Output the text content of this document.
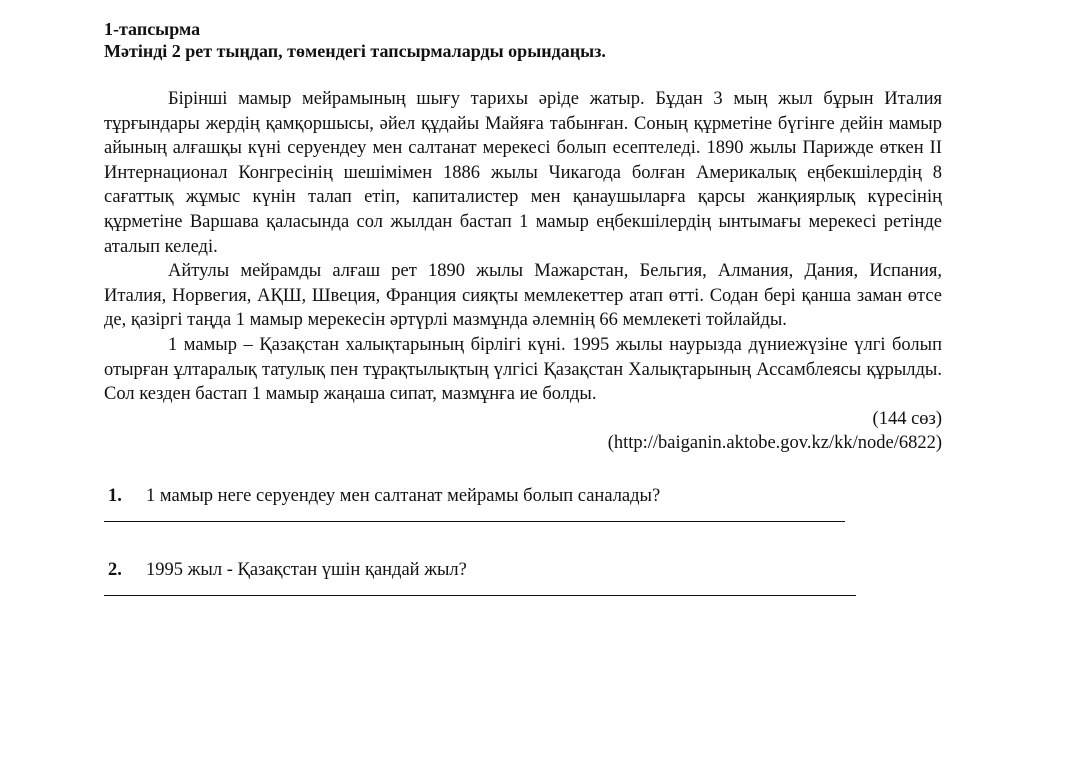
1-тапсырма

Мәтінді 2 рет тыңдап, төмендегі тапсырмаларды орындаңыз.

Бірінші мамыр мейрамының шығу тарихы әріде жатыр. Бұдан 3 мың жыл бұрын Италия тұрғындары жердің қамқоршысы, әйел құдайы Майяға табынған. Соның құрметіне бүгінге дейін мамыр айының алғашқы күні серуендеу мен салтанат мерекесі болып есептеледі. 1890 жылы Парижде өткен II Интернационал Конгресінің шешімімен 1886 жылы Чикагода болған Америкалық еңбекшілердің 8 сағаттық жұмыс күнін талап етіп, капиталистер мен қанаушыларға қарсы жанқиярлық күресінің құрметіне Варшава қаласында сол жылдан бастап 1 мамыр еңбекшілердің ынтымағы мерекесі ретінде аталып келеді.

Айтулы мейрамды алғаш рет 1890 жылы Мажарстан, Бельгия, Алмания, Дания, Испания, Италия, Норвегия, АҚШ, Швеция, Франция сияқты мемлекеттер атап өтті. Содан бері қанша заман өтсе де, қазіргі таңда 1 мамыр мерекесін әртүрлі мазмұнда әлемнің 66 мемлекеті тойлайды.

1 мамыр – Қазақстан халықтарының бірлігі күні. 1995 жылы наурызда дүниежүзіне үлгі болып отырған ұлтаралық татулық пен тұрақтылықтың үлгісі Қазақстан Халықтарының Ассамблеясы құрылды. Сол кезден бастап 1 мамыр жаңаша сипат, мазмұнға ие болды.

(144 сөз)

(http://baiganin.aktobe.gov.kz/kk/node/6822)

1. 1 мамыр неге серуендеу мен салтанат мейрамы болып саналады?

2. 1995 жыл - Қазақстан үшін қандай жыл?
